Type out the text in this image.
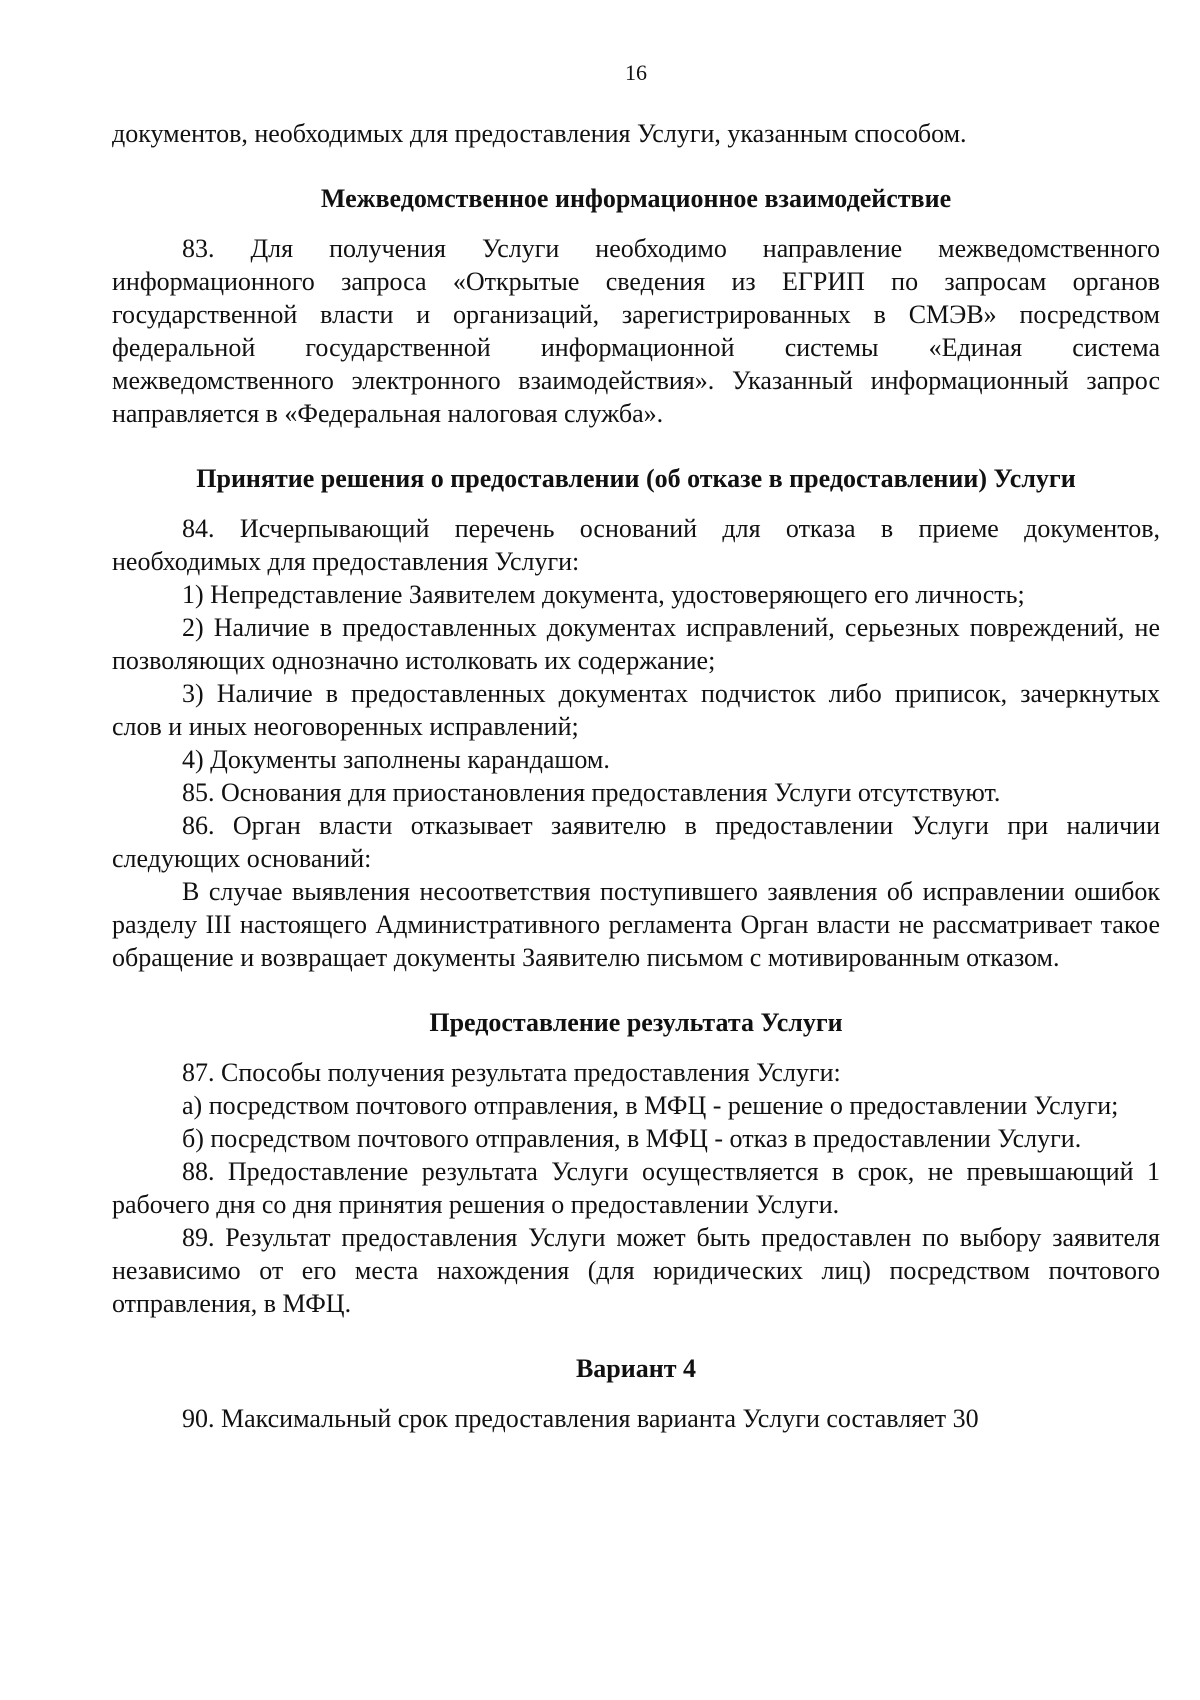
16

документов, необходимых для предоставления Услуги, указанным способом.

Межведомственное информационное взаимодействие

83. Для получения Услуги необходимо направление межведомственного информационного запроса «Открытые сведения из ЕГРИП по запросам органов государственной власти и организаций, зарегистрированных в СМЭВ» посредством федеральной государственной информационной системы «Единая система межведомственного электронного взаимодействия». Указанный информационный запрос направляется в «Федеральная налоговая служба».

Принятие решения о предоставлении (об отказе в предоставлении) Услуги

84. Исчерпывающий перечень оснований для отказа в приеме документов, необходимых для предоставления Услуги:

1) Непредставление Заявителем документа, удостоверяющего его личность;

2) Наличие в предоставленных документах исправлений, серьезных повреждений, не позволяющих однозначно истолковать их содержание;

3) Наличие в предоставленных документах подчисток либо приписок, зачеркнутых слов и иных неоговоренных исправлений;

4) Документы заполнены карандашом.

85. Основания для приостановления предоставления Услуги отсутствуют.

86. Орган власти отказывает заявителю в предоставлении Услуги при наличии следующих оснований:

В случае выявления несоответствия поступившего заявления об исправлении ошибок разделу III настоящего Административного регламента Орган власти не рассматривает такое обращение и возвращает документы Заявителю письмом с мотивированным отказом.

Предоставление результата Услуги

87. Способы получения результата предоставления Услуги:

а) посредством почтового отправления, в МФЦ - решение о предоставлении Услуги;

б) посредством почтового отправления, в МФЦ - отказ в предоставлении Услуги.

88. Предоставление результата Услуги осуществляется в срок, не превышающий 1 рабочего дня со дня принятия решения о предоставлении Услуги.

89. Результат предоставления Услуги может быть предоставлен по выбору заявителя независимо от его места нахождения (для юридических лиц) посредством почтового отправления, в МФЦ.

Вариант 4

90. Максимальный срок предоставления варианта Услуги составляет 30
